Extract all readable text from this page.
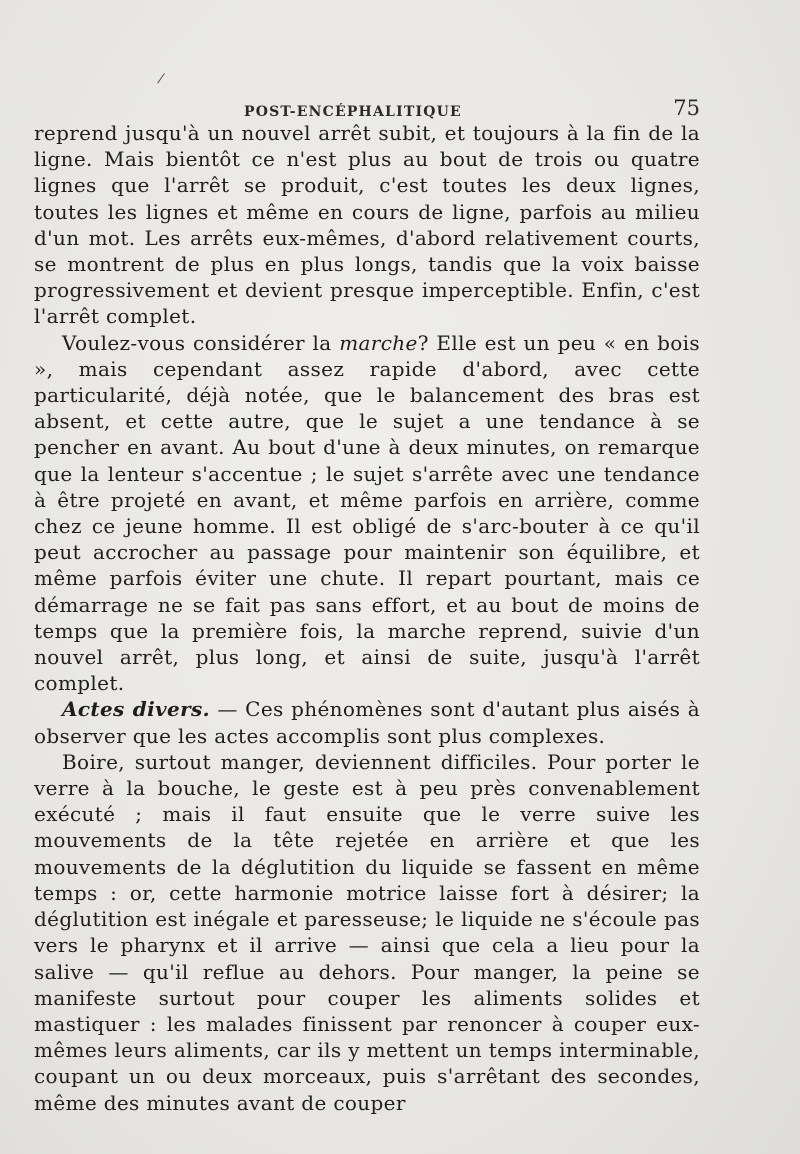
POST-ENCÉPHALITIQUE	75

reprend jusqu'à un nouvel arrêt subit, et toujours à la fin de la ligne. Mais bientôt ce n'est plus au bout de trois ou quatre lignes que l'arrêt se produit, c'est toutes les deux lignes, toutes les lignes et même en cours de ligne, parfois au milieu d'un mot. Les arrêts eux-mêmes, d'abord relativement courts, se montrent de plus en plus longs, tandis que la voix baisse progressivement et devient presque imperceptible. Enfin, c'est l'arrêt complet.

Voulez-vous considérer la marche? Elle est un peu « en bois », mais cependant assez rapide d'abord, avec cette particularité, déjà notée, que le balancement des bras est absent, et cette autre, que le sujet a une tendance à se pencher en avant. Au bout d'une à deux minutes, on remarque que la lenteur s'accentue ; le sujet s'arrête avec une tendance à être projeté en avant, et même parfois en arrière, comme chez ce jeune homme. Il est obligé de s'arc-bouter à ce qu'il peut accrocher au passage pour maintenir son équilibre, et même parfois éviter une chute. Il repart pourtant, mais ce démarrage ne se fait pas sans effort, et au bout de moins de temps que la première fois, la marche reprend, suivie d'un nouvel arrêt, plus long, et ainsi de suite, jusqu'à l'arrêt complet.

Actes divers. — Ces phénomènes sont d'autant plus aisés à observer que les actes accomplis sont plus complexes.

Boire, surtout manger, deviennent difficiles. Pour porter le verre à la bouche, le geste est à peu près convenablement exécuté ; mais il faut ensuite que le verre suive les mouvements de la tête rejetée en arrière et que les mouvements de la déglutition du liquide se fassent en même temps : or, cette harmonie motrice laisse fort à désirer; la déglutition est inégale et paresseuse; le liquide ne s'écoule pas vers le pharynx et il arrive — ainsi que cela a lieu pour la salive — qu'il reflue au dehors. Pour manger, la peine se manifeste surtout pour couper les aliments solides et mastiquer : les malades finissent par renoncer à couper eux-mêmes leurs aliments, car ils y mettent un temps interminable, coupant un ou deux morceaux, puis s'arrêtant des secondes, même des minutes avant de couper
